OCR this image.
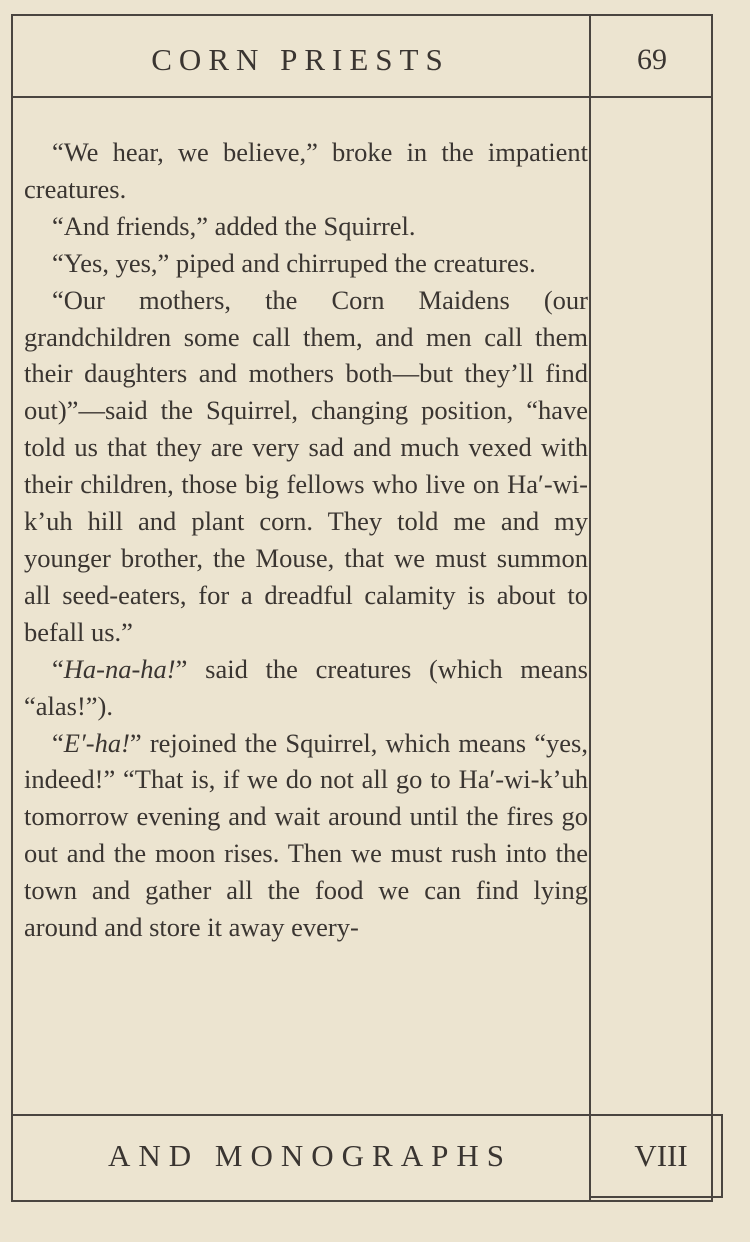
CORN PRIESTS	69

“We hear, we believe,” broke in the impatient creatures.

“And friends,” added the Squirrel.

“Yes, yes,” piped and chirruped the creatures.

“Our mothers, the Corn Maidens (our grandchildren some call them, and men call them their daughters and mothers both—but they’ll find out)”—said the Squirrel, changing position, “have told us that they are very sad and much vexed with their children, those big fellows who live on Ha′-wi-k’uh hill and plant corn. They told me and my younger brother, the Mouse, that we must summon all seed-eaters, for a dreadful calamity is about to befall us.”

“Ha-na-ha!” said the creatures (which means “alas!”).

“E′-ha!” rejoined the Squirrel, which means “yes, indeed!” “That is, if we do not all go to Ha′-wi-k’uh tomorrow evening and wait around until the fires go out and the moon rises. Then we must rush into the town and gather all the food we can find lying around and store it away every-

AND MONOGRAPHS	VIII
